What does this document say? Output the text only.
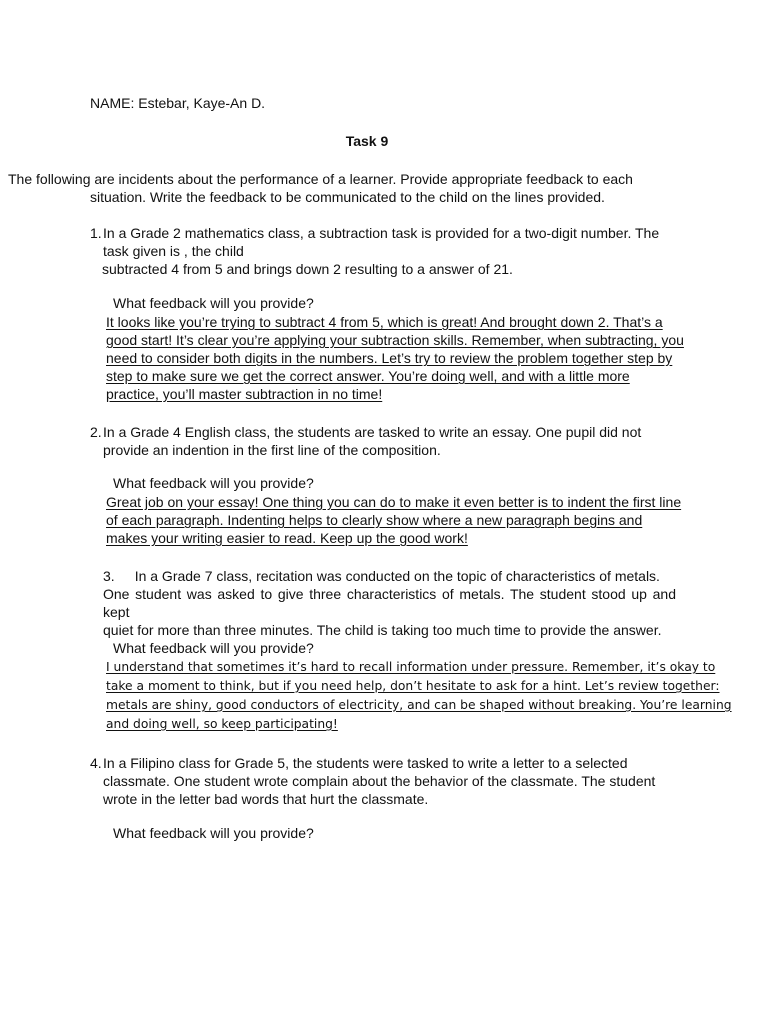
NAME: Estebar, Kaye-An D.

Task 9

The following are incidents about the performance of a learner. Provide appropriate feedback to each
situation. Write the feedback to be communicated to the child on the lines provided.
1. In a Grade 2 mathematics class, a subtraction task is provided for a two-digit number. The
task given is , the child
subtracted 4 from 5 and brings down 2 resulting to a answer of 21.

What feedback will you provide?

It looks like you’re trying to subtract 4 from 5, which is great! And brought down 2. That’s a
good start! It’s clear you’re applying your subtraction skills. Remember, when subtracting, you
need to consider both digits in the numbers. Let’s try to review the problem together step by
step to make sure we get the correct answer. You’re doing well, and with a little more
practice, you’ll master subtraction in no time!
2. In a Grade 4 English class, the students are tasked to write an essay. One pupil did not
provide an indention in the first line of the composition.

What feedback will you provide?

Great job on your essay! One thing you can do to make it even better is to indent the first line
of each paragraph. Indenting helps to clearly show where a new paragraph begins and
makes your writing easier to read. Keep up the good work!
3. In a Grade 7 class, recitation was conducted on the topic of characteristics of metals.
One student was asked to give three characteristics of metals. The student stood up and kept
quiet for more than three minutes. The child is taking too much time to provide the answer.

What feedback will you provide?

I understand that sometimes it’s hard to recall information under pressure. Remember, it’s okay to
take a moment to think, but if you need help, don’t hesitate to ask for a hint. Let’s review together:
metals are shiny, good conductors of electricity, and can be shaped without breaking. You’re learning
and doing well, so keep participating!
4. In a Filipino class for Grade 5, the students were tasked to write a letter to a selected
classmate. One student wrote complain about the behavior of the classmate. The student
wrote in the letter bad words that hurt the classmate.

What feedback will you provide?
